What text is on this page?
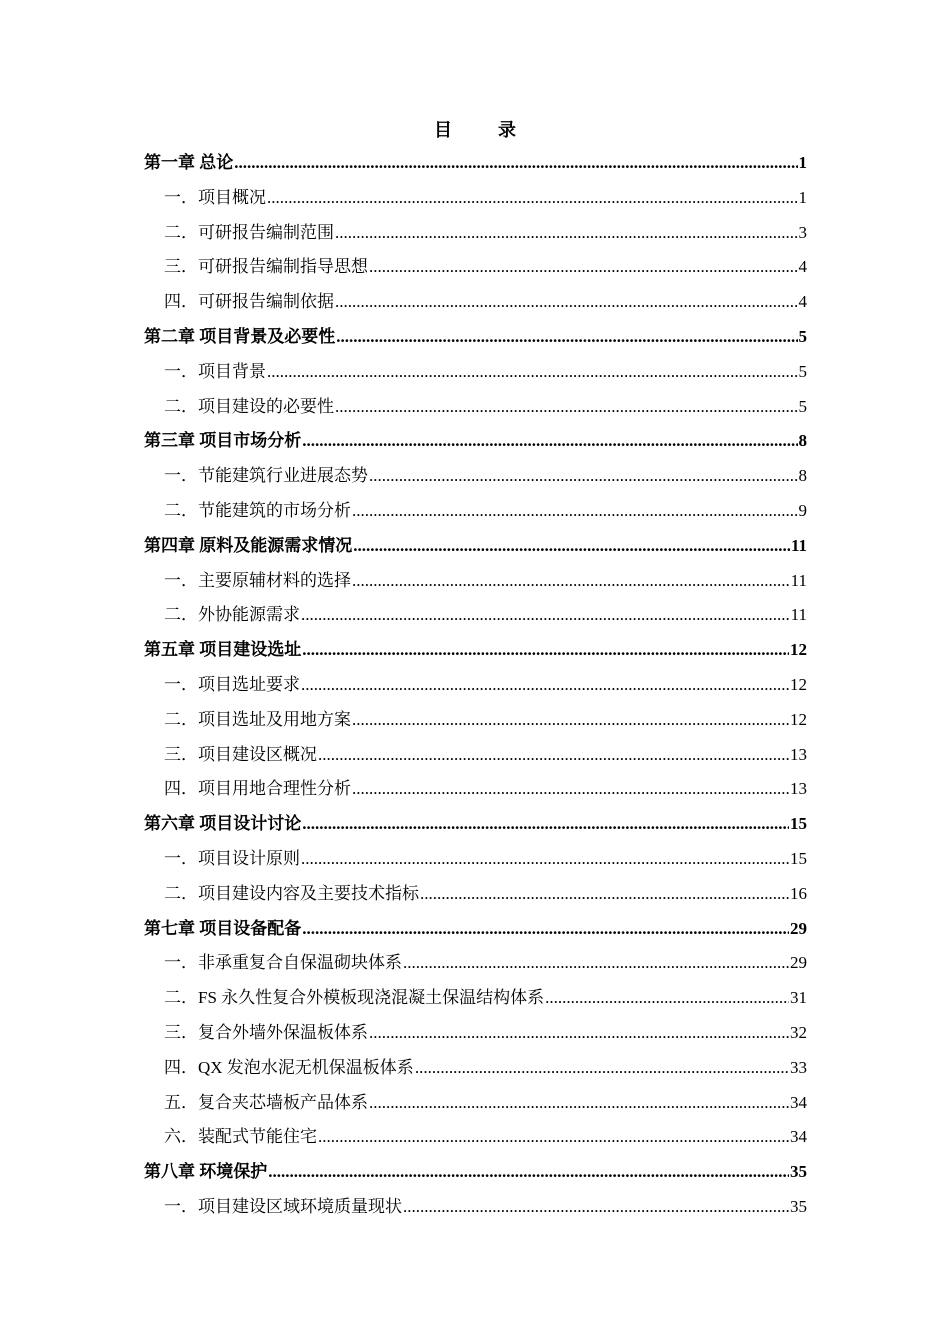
目	录
第一章 总论 .....	1
一．项目概况 .....	1
二．可研报告编制范围 .....	3
三．可研报告编制指导思想 .....	4
四．可研报告编制依据 .....	4
第二章 项目背景及必要性 .....	5
一．项目背景 .....	5
二．项目建设的必要性 .....	5
第三章 项目市场分析 .....	8
一．节能建筑行业进展态势 .....	8
二．节能建筑的市场分析 .....	9
第四章 原料及能源需求情况 .....	11
一．主要原辅材料的选择 .....	11
二．外协能源需求 .....	11
第五章 项目建设选址 .....	12
一．项目选址要求 .....	12
二．项目选址及用地方案 .....	12
三．项目建设区概况 .....	13
四．项目用地合理性分析 .....	13
第六章 项目设计讨论 .....	15
一．项目设计原则 .....	15
二．项目建设内容及主要技术指标 .....	16
第七章 项目设备配备 .....	29
一．非承重复合自保温砌块体系 .....	29
二．FS 永久性复合外模板现浇混凝土保温结构体系 .....	31
三．复合外墙外保温板体系 .....	32
四．QX 发泡水泥无机保温板体系 .....	33
五．复合夹芯墙板产品体系 .....	34
六．装配式节能住宅 .....	34
第八章 环境保护 .....	35
一．项目建设区域环境质量现状 .....	35
